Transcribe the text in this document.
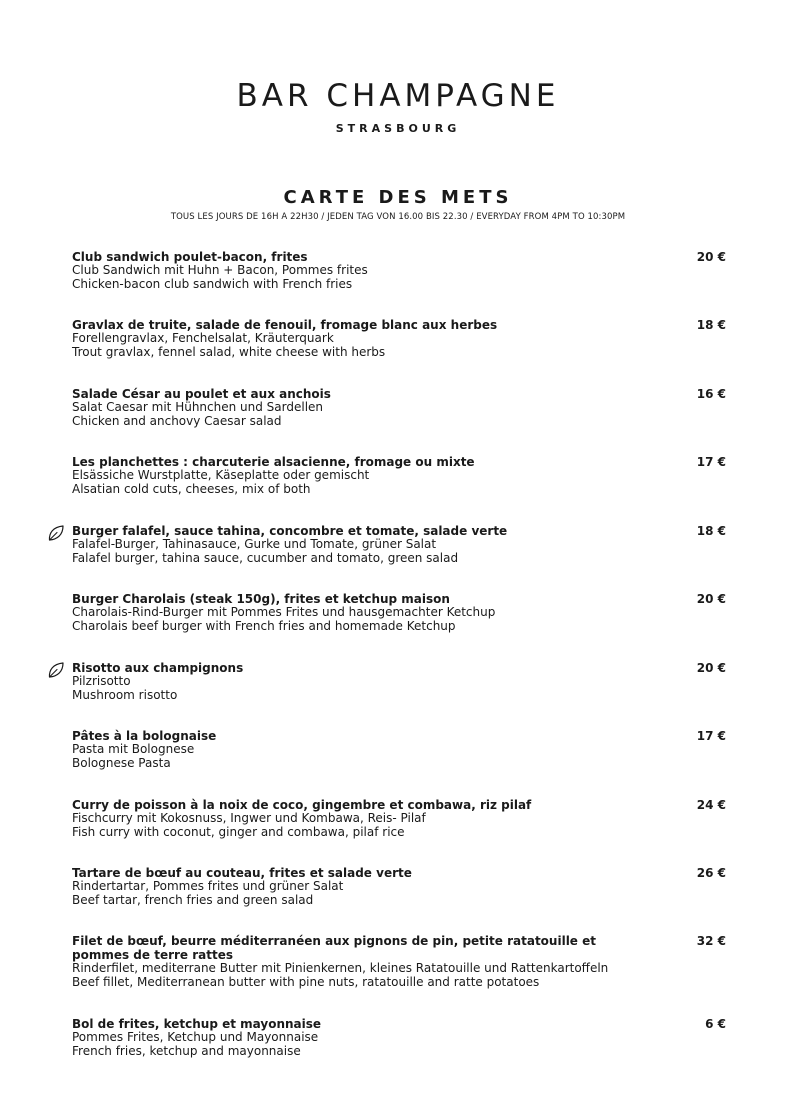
BAR CHAMPAGNE
STRASBOURG
CARTE DES METS
TOUS LES JOURS DE 16H A 22H30 / JEDEN TAG VON 16.00 BIS 22.30 / EVERYDAY FROM 4PM TO 10:30PM
Club sandwich poulet-bacon, frites
Club Sandwich mit Huhn + Bacon, Pommes frites
Chicken-bacon club sandwich with French fries
20 €
Gravlax de truite, salade de fenouil, fromage blanc aux herbes
Forellengravlax, Fenchelsalat, Kräuterquark
Trout gravlax, fennel salad, white cheese with herbs
18 €
Salade César au poulet et aux anchois
Salat Caesar mit Hühnchen und Sardellen
Chicken and anchovy Caesar salad
16 €
Les planchettes : charcuterie alsacienne, fromage ou mixte
Elsässiche Wurstplatte, Käseplatte oder gemischt
Alsatian cold cuts, cheeses, mix of both
17 €
Burger falafel, sauce tahina, concombre et tomate, salade verte
Falafel-Burger, Tahinasauce, Gurke und Tomate, grüner Salat
Falafel burger, tahina sauce, cucumber and tomato, green salad
18 €
Burger Charolais (steak 150g), frites et ketchup maison
Charolais-Rind-Burger mit Pommes Frites und hausgemachter Ketchup
Charolais beef burger with French fries and homemade Ketchup
20 €
Risotto aux champignons
Pilzrisotto
Mushroom risotto
20 €
Pâtes à la bolognaise
Pasta mit Bolognese
Bolognese Pasta
17 €
Curry de poisson à la noix de coco, gingembre et combawa, riz pilaf
Fischcurry mit Kokosnuss, Ingwer und Kombawa, Reis- Pilaf
Fish curry with coconut, ginger and combawa, pilaf rice
24 €
Tartare de bœuf au couteau, frites et salade verte
Rindertartar, Pommes frites und grüner Salat
Beef tartar, french fries and green salad
26 €
Filet de bœuf, beurre méditerranéen aux pignons de pin, petite ratatouille et pommes de terre rattes
Rinderfilet, mediterrane Butter mit Pinienkernen, kleines Ratatouille und Rattenkartoffeln
Beef fillet, Mediterranean butter with pine nuts, ratatouille and ratte potatoes
32 €
Bol de frites, ketchup et mayonnaise
Pommes Frites, Ketchup und Mayonnaise
French fries, ketchup and mayonnaise
6 €
